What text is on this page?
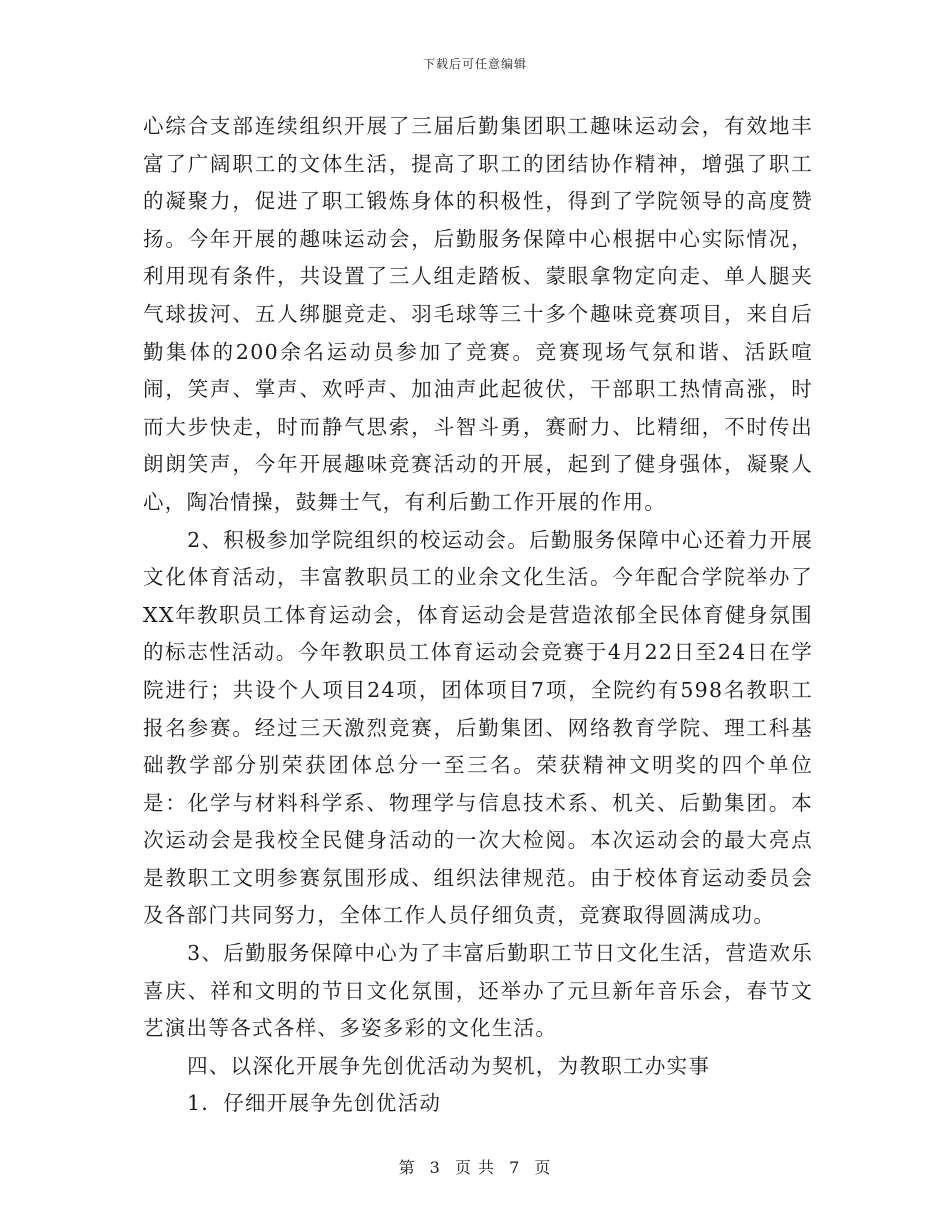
下载后可任意编辑

心综合支部连续组织开展了三届后勤集团职工趣味运动会，有效地丰富了广阔职工的文体生活，提高了职工的团结协作精神，增强了职工的凝聚力，促进了职工锻炼身体的积极性，得到了学院领导的高度赞扬。今年开展的趣味运动会，后勤服务保障中心根据中心实际情况，利用现有条件，共设置了三人组走踏板、蒙眼拿物定向走、单人腿夹气球拔河、五人绑腿竞走、羽毛球等三十多个趣味竞赛项目，来自后勤集体的200余名运动员参加了竞赛。竞赛现场气氛和谐、活跃喧闹，笑声、掌声、欢呼声、加油声此起彼伏，干部职工热情高涨，时而大步快走，时而静气思索，斗智斗勇，赛耐力、比精细，不时传出朗朗笑声，今年开展趣味竞赛活动的开展，起到了健身强体，凝聚人心，陶冶情操，鼓舞士气，有利后勤工作开展的作用。

2、积极参加学院组织的校运动会。后勤服务保障中心还着力开展文化体育活动，丰富教职员工的业余文化生活。今年配合学院举办了XX年教职员工体育运动会，体育运动会是营造浓郁全民体育健身氛围的标志性活动。今年教职员工体育运动会竞赛于4月22日至24日在学院进行；共设个人项目24项，团体项目7项，全院约有598名教职工报名参赛。经过三天激烈竞赛，后勤集团、网络教育学院、理工科基础教学部分别荣获团体总分一至三名。荣获精神文明奖的四个单位是：化学与材料科学系、物理学与信息技术系、机关、后勤集团。本次运动会是我校全民健身活动的一次大检阅。本次运动会的最大亮点是教职工文明参赛氛围形成、组织法律规范。由于校体育运动委员会及各部门共同努力，全体工作人员仔细负责，竞赛取得圆满成功。

3、后勤服务保障中心为了丰富后勤职工节日文化生活，营造欢乐喜庆、祥和文明的节日文化氛围，还举办了元旦新年音乐会，春节文艺演出等各式各样、多姿多彩的文化生活。

四、以深化开展争先创优活动为契机，为教职工办实事

1．仔细开展争先创优活动

第 3 页 共 7 页
